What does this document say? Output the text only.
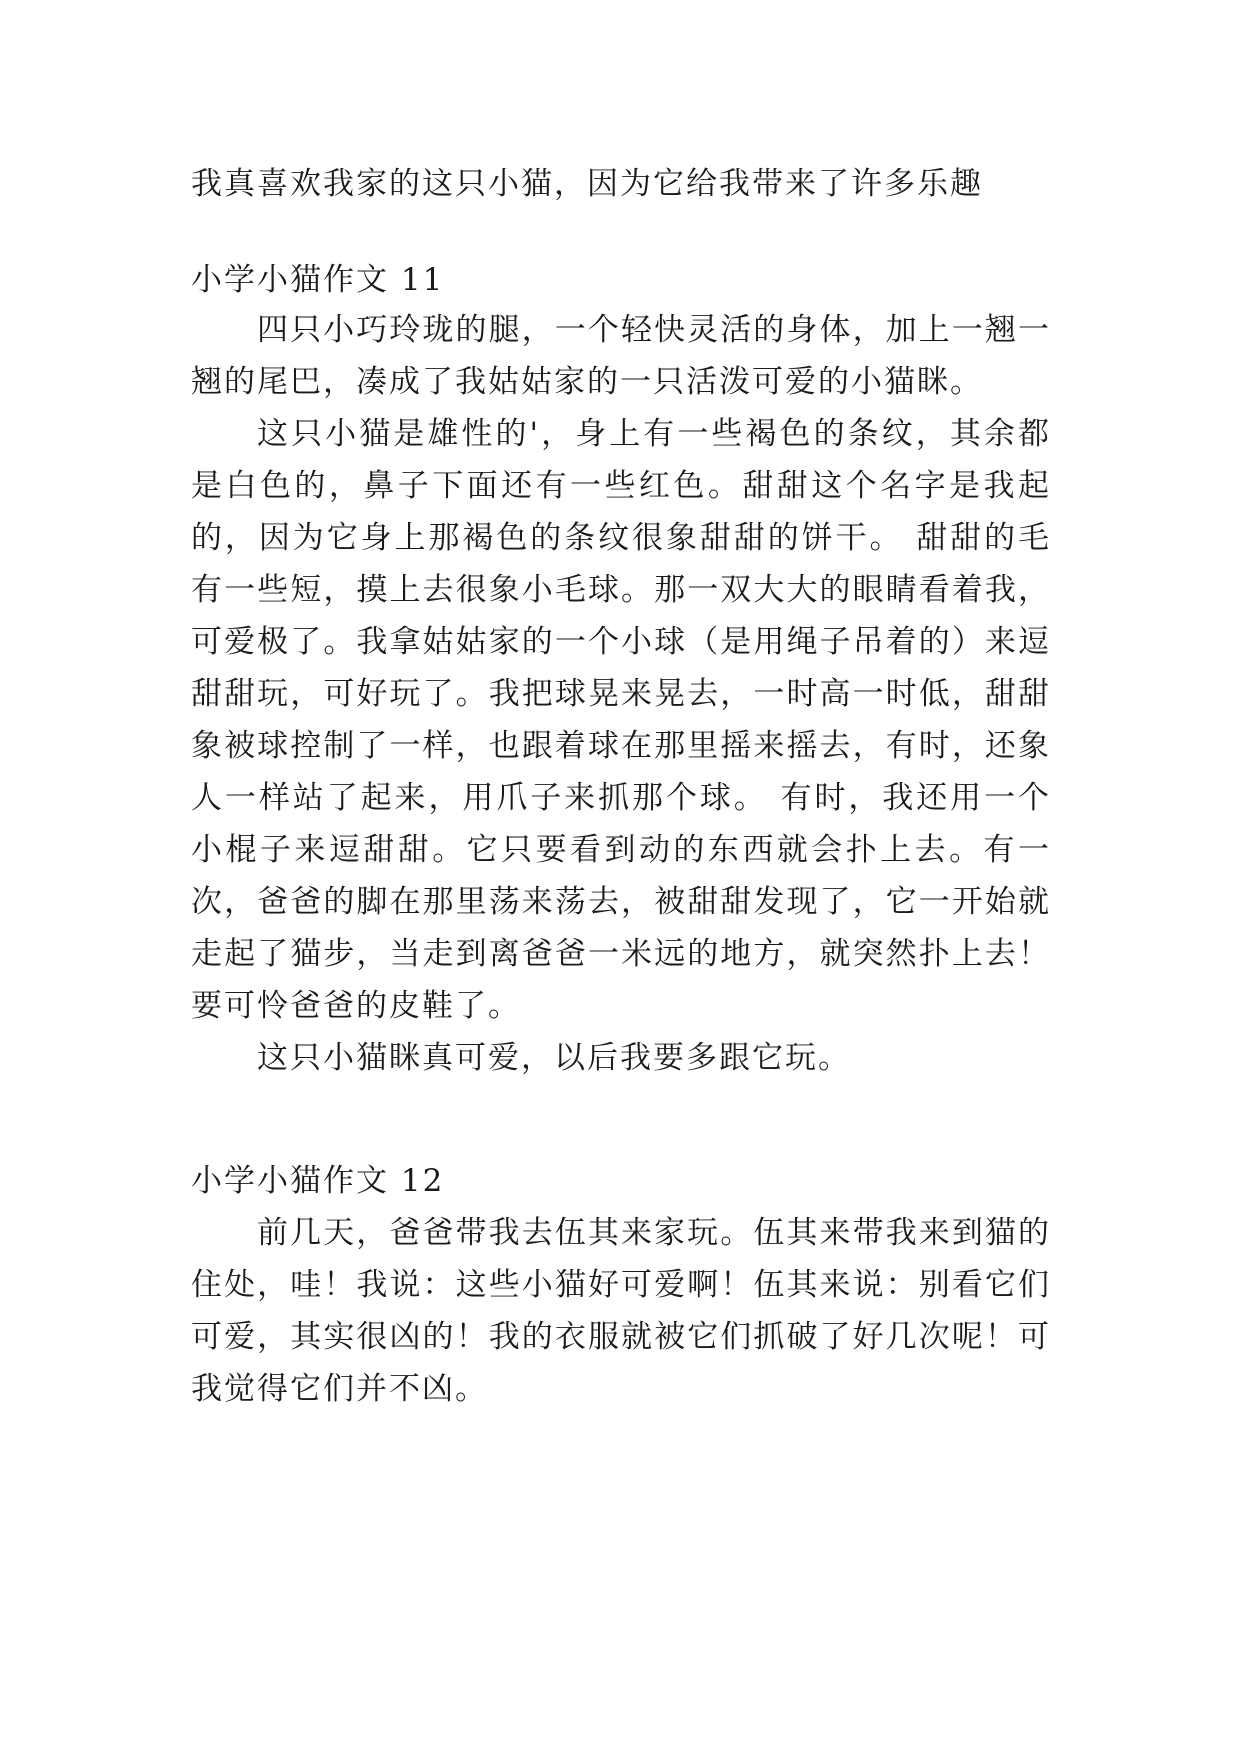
我真喜欢我家的这只小猫，因为它给我带来了许多乐趣

小学小猫作文 11

四只小巧玲珑的腿，一个轻快灵活的身体，加上一翘一翘的尾巴，凑成了我姑姑家的一只活泼可爱的小猫眯。

这只小猫是雄性的'，身上有一些褐色的条纹，其余都是白色的，鼻子下面还有一些红色。甜甜这个名字是我起的，因为它身上那褐色的条纹很象甜甜的饼干。 甜甜的毛有一些短，摸上去很象小毛球。那一双大大的眼睛看着我，可爱极了。我拿姑姑家的一个小球（是用绳子吊着的）来逗甜甜玩，可好玩了。我把球晃来晃去，一时高一时低，甜甜象被球控制了一样，也跟着球在那里摇来摇去，有时，还象人一样站了起来，用爪子来抓那个球。 有时，我还用一个小棍子来逗甜甜。它只要看到动的东西就会扑上去。有一次，爸爸的脚在那里荡来荡去，被甜甜发现了，它一开始就走起了猫步，当走到离爸爸一米远的地方，就突然扑上去！要可怜爸爸的皮鞋了。

这只小猫眯真可爱，以后我要多跟它玩。

小学小猫作文 12

前几天，爸爸带我去伍其来家玩。伍其来带我来到猫的住处，哇！我说：这些小猫好可爱啊！伍其来说：别看它们可爱，其实很凶的！我的衣服就被它们抓破了好几次呢！可我觉得它们并不凶。
